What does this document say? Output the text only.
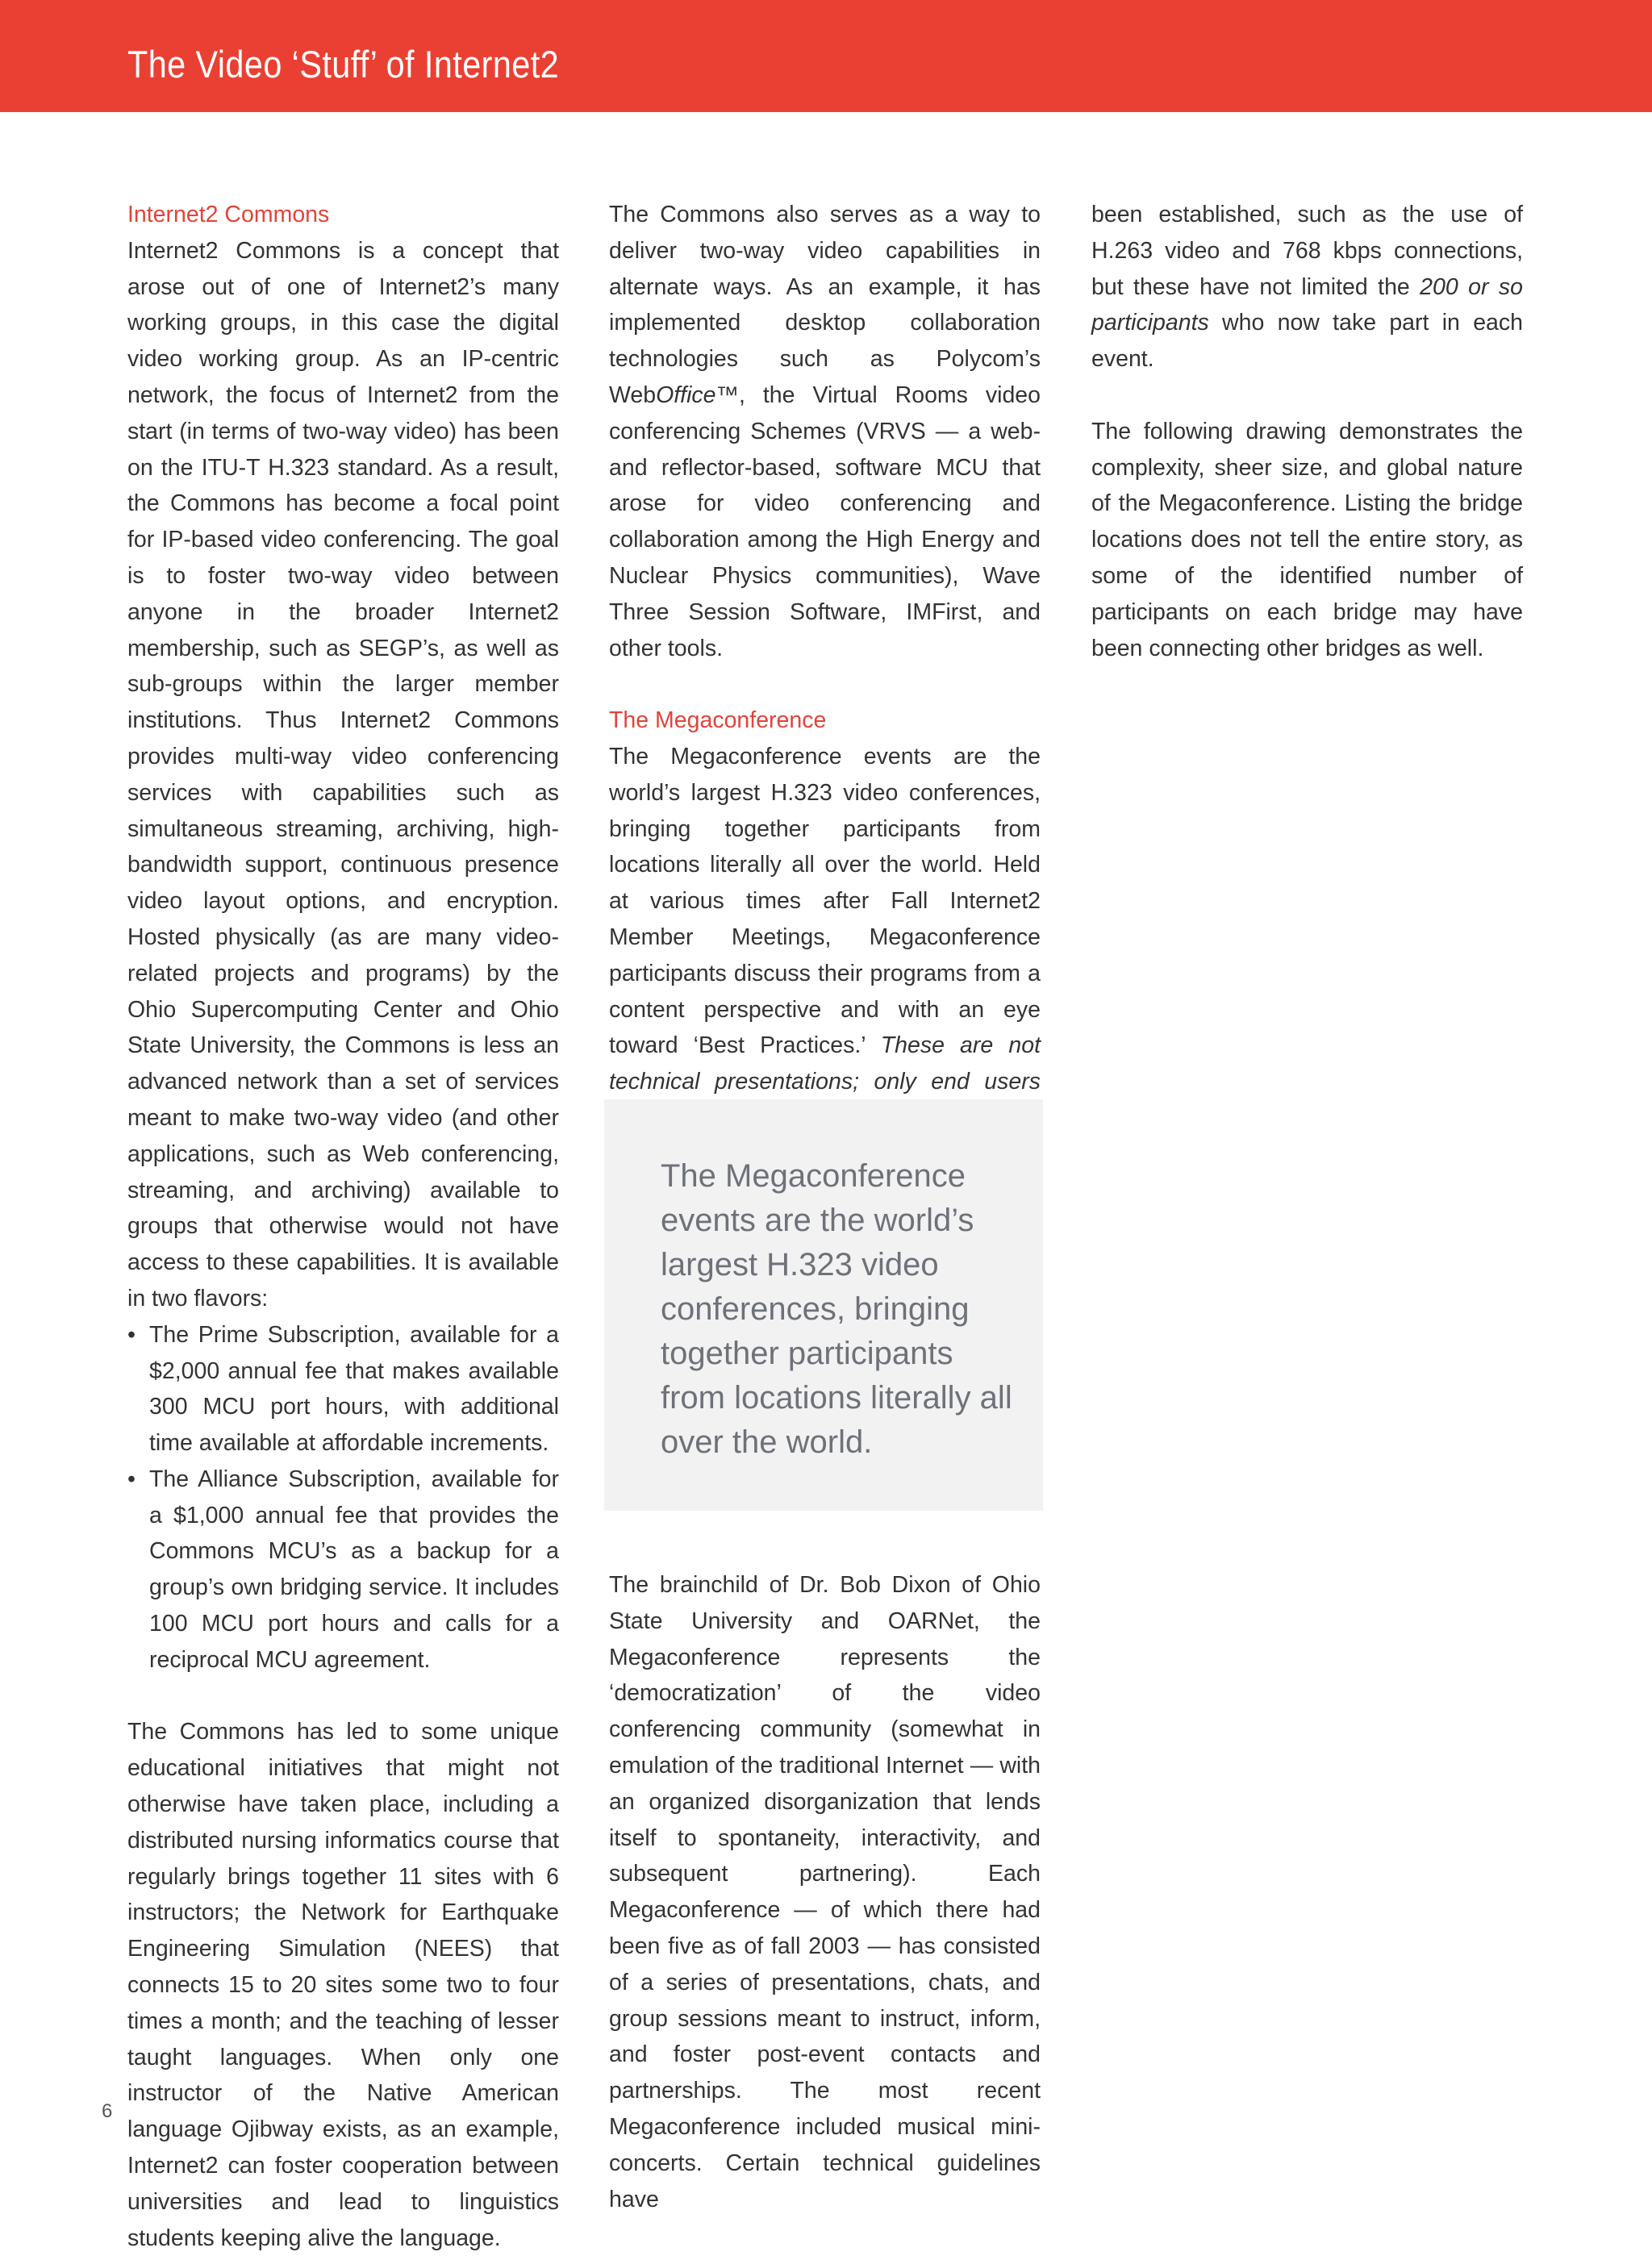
The Video ‘Stuff’ of Internet2

Internet2 Commons

Internet2 Commons is a concept that arose out of one of Internet2’s many working groups, in this case the digital video working group. As an IP-centric network, the focus of Internet2 from the start (in terms of two-way video) has been on the ITU-T H.323 standard. As a result, the Commons has become a focal point for IP-based video conferencing. The goal is to foster two-way video between anyone in the broader Internet2 membership, such as SEGP’s, as well as sub-groups within the larger member institutions. Thus Internet2 Commons provides multi-way video conferencing services with capabilities such as simultaneous streaming, archiving, high-bandwidth support, continuous presence video layout options, and encryption. Hosted physically (as are many video-related projects and programs) by the Ohio Supercomputing Center and Ohio State University, the Commons is less an advanced network than a set of services meant to make two-way video (and other applications, such as Web conferencing, streaming, and archiving) available to groups that otherwise would not have access to these capabilities. It is available in two flavors:

• The Prime Subscription, available for a $2,000 annual fee that makes available 300 MCU port hours, with additional time available at affordable increments.
• The Alliance Subscription, available for a $1,000 annual fee that provides the Commons MCU’s as a backup for a group’s own bridging service. It includes 100 MCU port hours and calls for a reciprocal MCU agreement.

The Commons has led to some unique educational initiatives that might not otherwise have taken place, including a distributed nursing informatics course that regularly brings together 11 sites with 6 instructors; the Network for Earthquake Engineering Simulation (NEES) that connects 15 to 20 sites some two to four times a month; and the teaching of lesser taught languages. When only one instructor of the Native American language Ojibway exists, as an example, Internet2 can foster cooperation between universities and lead to linguistics students keeping alive the language.

The Commons also serves as a way to deliver two-way video capabilities in alternate ways. As an example, it has implemented desktop collaboration technologies such as Polycom’s WebOffice™, the Virtual Rooms video conferencing Schemes (VRVS — a web- and reflector-based, software MCU that arose for video conferencing and collaboration among the High Energy and Nuclear Physics communities), Wave Three Session Software, IMFirst, and other tools.

The Megaconference

The Megaconference events are the world’s largest H.323 video conferences, bringing together participants from locations literally all over the world. Held at various times after Fall Internet2 Member Meetings, Megaconference participants discuss their programs from a content perspective and with an eye toward ‘Best Practices.’ These are not technical presentations; only end users

The Megaconference events are the world’s largest H.323 video conferences, bringing together participants from locations literally all over the world.

The brainchild of Dr. Bob Dixon of Ohio State University and OARNet, the Megaconference represents the ‘democratization’ of the video conferencing community (somewhat in emulation of the traditional Internet — with an organized disorganization that lends itself to spontaneity, interactivity, and subsequent partnering). Each Megaconference — of which there had been five as of fall 2003 — has consisted of a series of presentations, chats, and group sessions meant to instruct, inform, and foster post-event contacts and partnerships. The most recent Megaconference included musical mini-concerts. Certain technical guidelines have

been established, such as the use of H.263 video and 768 kbps connections, but these have not limited the 200 or so participants who now take part in each event.

The following drawing demonstrates the complexity, sheer size, and global nature of the Megaconference. Listing the bridge locations does not tell the entire story, as some of the identified number of participants on each bridge may have been connecting other bridges as well.

6
